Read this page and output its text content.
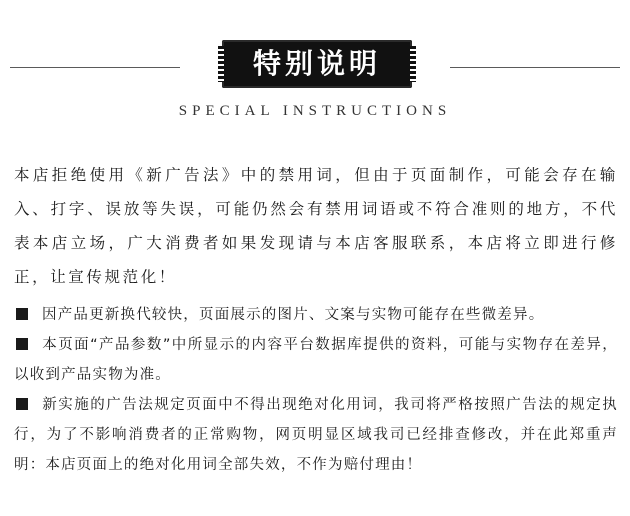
特别说明
SPECIAL INSTRUCTIONS

本店拒绝使用《新广告法》中的禁用词，但由于页面制作，可能会存在输入、打字、误放等失误，可能仍然会有禁用词语或不符合准则的地方，不代表本店立场，广大消费者如果发现请与本店客服联系，本店将立即进行修正，让宣传规范化！

因产品更新换代较快，页面展示的图片、文案与实物可能存在些微差异。

本页面“产品参数”中所显示的内容平台数据库提供的资料，可能与实物存在差异，以收到产品实物为准。

新实施的广告法规定页面中不得出现绝对化用词，我司将严格按照广告法的规定执行，为了不影响消费者的正常购物，网页明显区域我司已经排查修改，并在此郑重声明：本店页面上的绝对化用词全部失效，不作为赔付理由！
